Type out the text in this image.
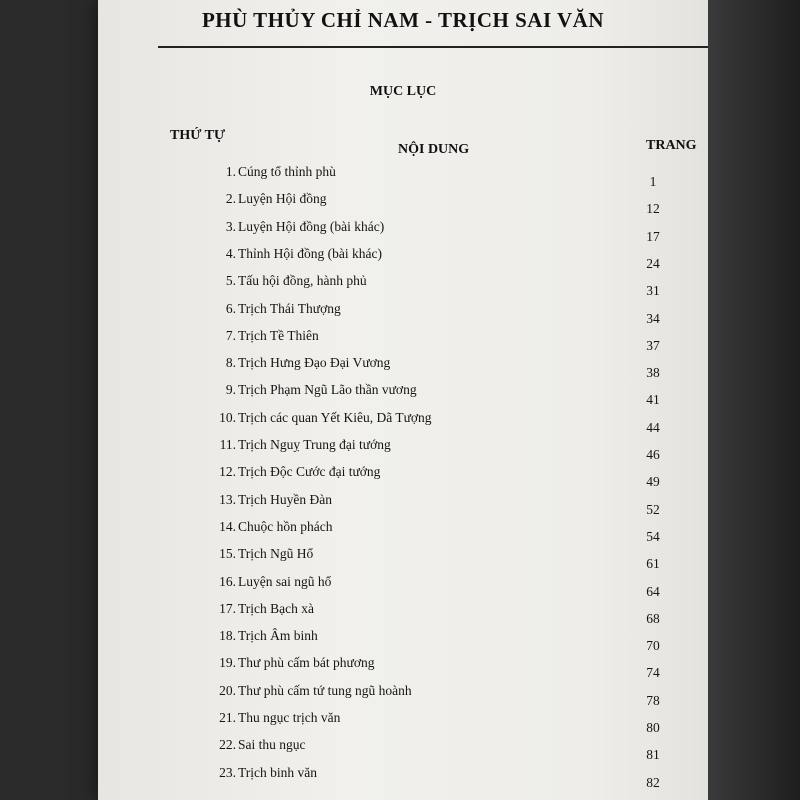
PHÙ THỦY CHỈ NAM - TRỊCH SAI VĂN
MỤC LỤC
THỨ TỰ
NỘI DUNG	TRANG
1. Cúng tổ thỉnh phù
1
2. Luyện Hội đồng
12
3. Luyện Hội đồng (bài khác)
17
4. Thỉnh Hội đồng (bài khác)
24
5. Tấu hội đồng, hành phủ
31
6. Trịch Thái Thượng
34
7. Trịch Tề Thiên
37
8. Trịch Hưng Đạo Đại Vương
38
9. Trịch Phạm Ngũ Lão thần vương
41
10. Trịch các quan Yết Kiêu, Dã Tượng
44
11. Trịch Nguỵ Trung đại tướng
46
12. Trịch Độc Cước đại tướng
49
13. Trịch Huyền Đàn
52
14. Chuộc hồn phách
54
15. Trịch Ngũ Hổ
61
16. Luyện sai ngũ hổ
64
17. Trịch Bạch xà
68
18. Trịch Âm binh
70
19. Thư phù cấm bát phương
74
20. Thư phù cấm tứ tung ngũ hoành
78
21. Thu ngục trịch văn
80
22. Sai thu ngục
81
23. Trịch binh văn
82
